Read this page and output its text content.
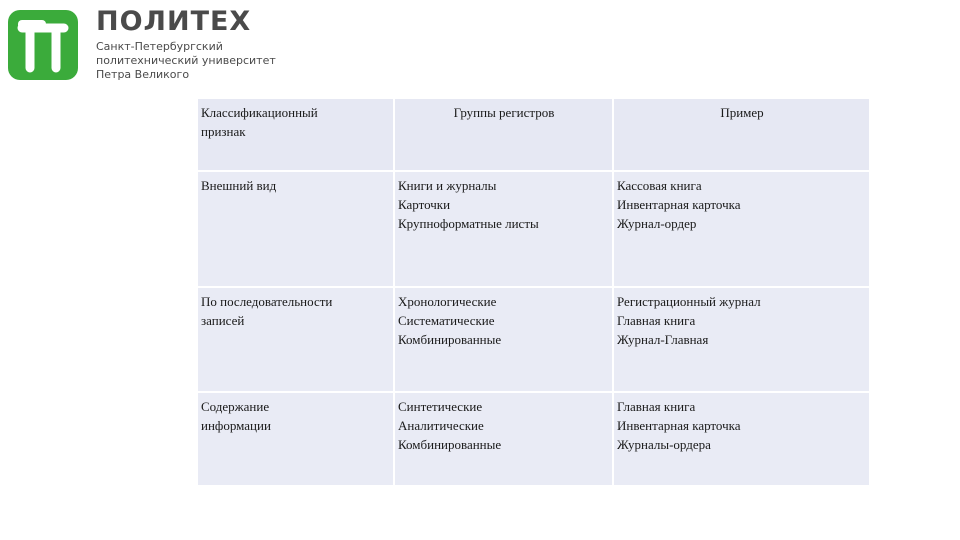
ПОЛИТЕХ
Санкт-Петербургский
политехнический университет
Петра Великого
Классификационный
признак
Группы регистров	Пример
Внешний вид	Книги и журналы
Карточки
Крупноформатные листы
Кассовая книга
Инвентарная карточка
Журнал-ордер
По последовательности
записей
Хронологические
Систематические
Комбинированные
Регистрационный журнал
Главная книга
Журнал-Главная
Содержание
информации
Синтетические
Аналитические
Комбинированные
Главная книга
Инвентарная карточка
Журналы-ордера
